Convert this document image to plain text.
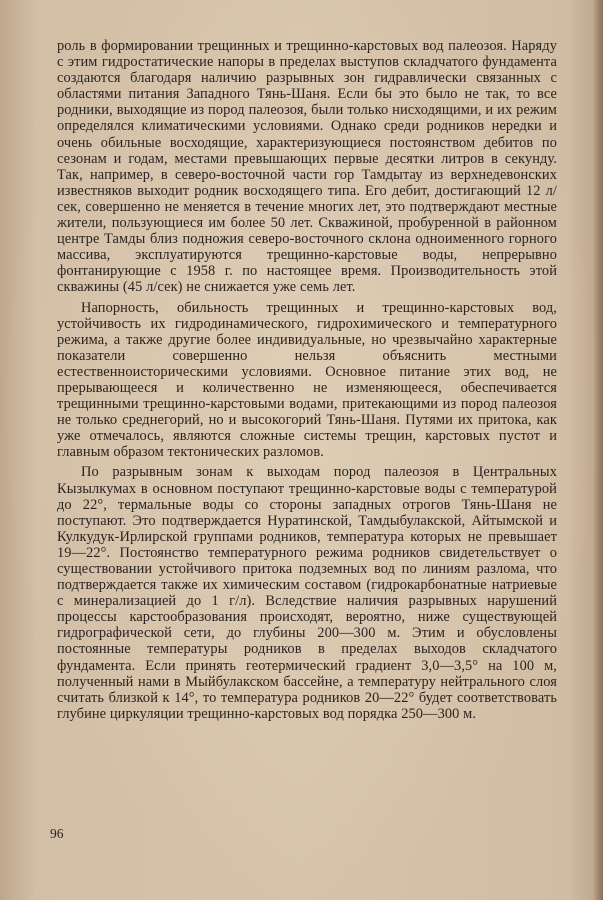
роль в формировании трещинных и трещинно-карстовых вод палеозоя. Наряду с этим гидростатические напоры в пределах выступов складчатого фундамента создаются благодаря наличию разрывных зон гидравлически связанных с областями питания Западного Тянь-Шаня. Если бы это было не так, то все родники, выходящие из пород палеозоя, были только нисходящими, и их режим определялся климатическими условиями. Однако среди родников нередки и очень обильные восходящие, характеризующиеся постоянством дебитов по сезонам и годам, местами превышающих первые десятки литров в секунду. Так, например, в северо-восточной части гор Тамдытау из верхнедевонских известняков выходит родник восходящего типа. Его дебит, достигающий 12 л/сек, совершенно не меняется в течение многих лет, это подтверждают местные жители, пользующиеся им более 50 лет. Скважиной, пробуренной в районном центре Тамды близ подножия северо-восточного склона одноименного горного массива, эксплуатируются трещинно-карстовые воды, непрерывно фонтанирующие с 1958 г. по настоящее время. Производительность этой скважины (45 л/сек) не снижается уже семь лет.

Напорность, обильность трещинных и трещинно-карстовых вод, устойчивость их гидродинамического, гидрохимического и температурного режима, а также другие более индивидуальные, но чрезвычайно характерные показатели совершенно нельзя объяснить местными естественноисторическими условиями. Основное питание этих вод, не прерывающееся и количественно не изменяющееся, обеспечивается трещинными трещинно-карстовыми водами, притекающими из пород палеозоя не только среднегорий, но и высокогорий Тянь-Шаня. Путями их притока, как уже отмечалось, являются сложные системы трещин, карстовых пустот и главным образом тектонических разломов.

По разрывным зонам к выходам пород палеозоя в Центральных Кызылкумах в основном поступают трещинно-карстовые воды с температурой до 22°, термальные воды со стороны западных отрогов Тянь-Шаня не поступают. Это подтверждается Нуратинской, Тамдыбулакской, Айтымской и Кулкудук-Ирлирской группами родников, температура которых не превышает 19—22°. Постоянство температурного режима родников свидетельствует о существовании устойчивого притока подземных вод по линиям разлома, что подтверждается также их химическим составом (гидрокарбонатные натриевые с минерализацией до 1 г/л). Вследствие наличия разрывных нарушений процессы карстообразования происходят, вероятно, ниже существующей гидрографической сети, до глубины 200—300 м. Этим и обусловлены постоянные температуры родников в пределах выходов складчатого фундамента. Если принять геотермический градиент 3,0—3,5° на 100 м, полученный нами в Мыйбулакском бассейне, а температуру нейтрального слоя считать близкой к 14°, то температура родников 20—22° будет соответствовать глубине циркуляции трещинно-карстовых вод порядка 250—300 м.

96
